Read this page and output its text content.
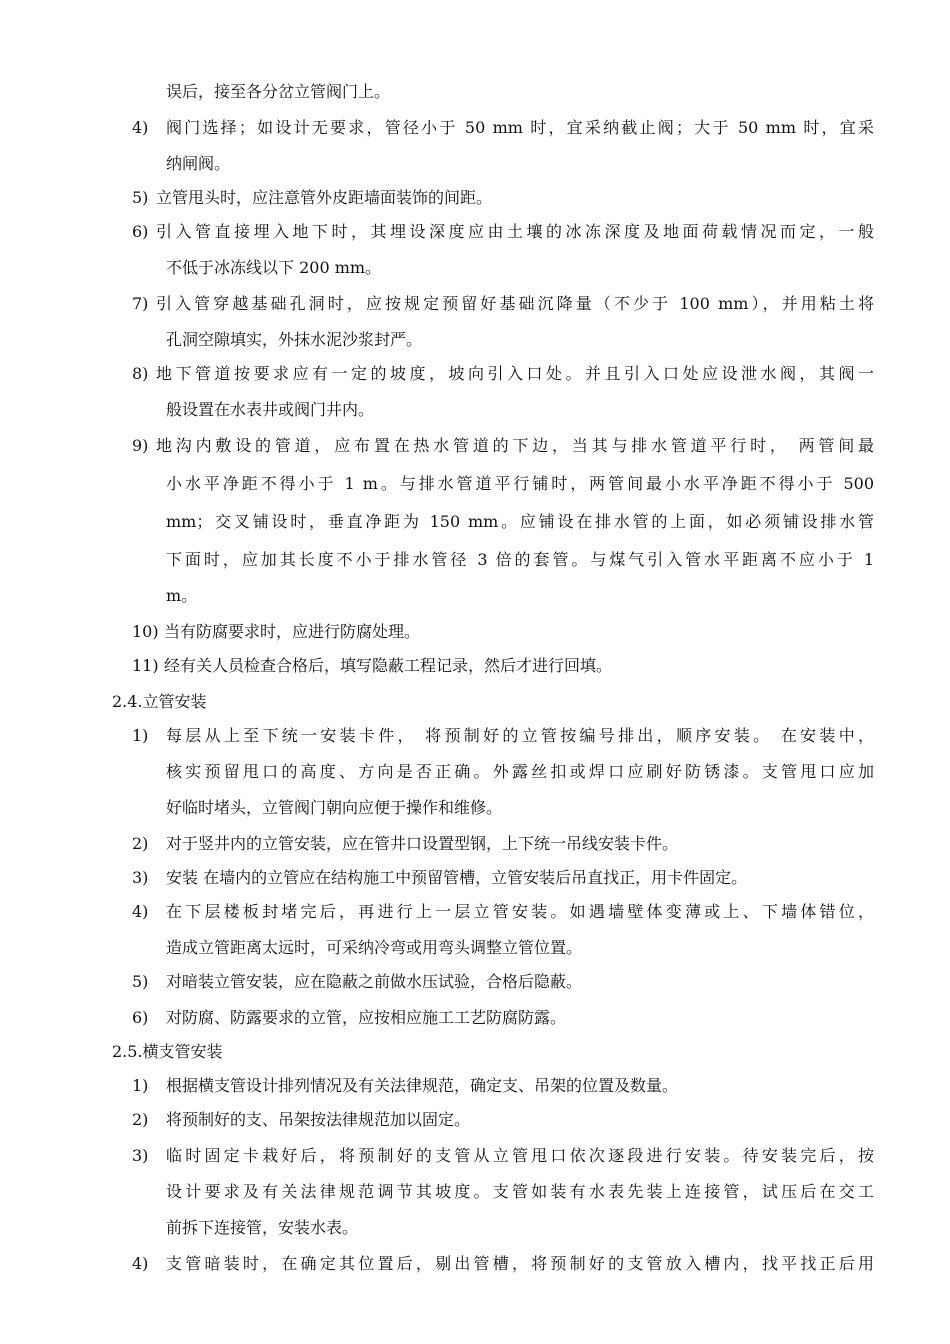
误后，接至各分岔立管阀门上。
4) 阀门选择；如设计无要求，管径小于 50 mm 时，宜采纳截止阀；大于 50 mm 时，宜采
纳闸阀。
5) 立管甩头时，应注意管外皮距墙面装饰的间距。
6) 引入管直接埋入地下时，其埋设深度应由土壤的冰冻深度及地面荷载情况而定，一般
不低于冰冻线以下 200 mm。
7) 引入管穿越基础孔洞时，应按规定预留好基础沉降量（不少于 100 mm），并用粘土将
孔洞空隙填实，外抹水泥沙浆封严。
8) 地下管道按要求应有一定的坡度，坡向引入口处。并且引入口处应设泄水阀，其阀一
般设置在水表井或阀门井内。
9) 地沟内敷设的管道，应布置在热水管道的下边，当其与排水管道平行时， 两管间最
小水平净距不得小于 1 m。与排水管道平行铺时，两管间最小水平净距不得小于 500
mm；交叉铺设时，垂直净距为 150 mm。应铺设在排水管的上面，如必须铺设排水管
下面时，应加其长度不小于排水管径 3 倍的套管。与煤气引入管水平距离不应小于 1
m。
10) 当有防腐要求时，应进行防腐处理。
11) 经有关人员检查合格后，填写隐蔽工程记录，然后才进行回填。
2.4.立管安装
1) 每层从上至下统一安装卡件， 将预制好的立管按编号排出，顺序安装。 在安装中，
核实预留甩口的高度、方向是否正确。外露丝扣或焊口应刷好防锈漆。支管甩口应加
好临时堵头，立管阀门朝向应便于操作和维修。
2) 对于竖井内的立管安装，应在管井口设置型钢，上下统一吊线安装卡件。
3) 安装 在墙内的立管应在结构施工中预留管槽，立管安装后吊直找正，用卡件固定。
4) 在下层楼板封堵完后，再进行上一层立管安装。如遇墙壁体变薄或上、下墙体错位，
造成立管距离太远时，可采纳冷弯或用弯头调整立管位置。
5) 对暗装立管安装，应在隐蔽之前做水压试验，合格后隐蔽。
6) 对防腐、防露要求的立管，应按相应施工工艺防腐防露。
2.5.横支管安装
1) 根据横支管设计排列情况及有关法律规范，确定支、吊架的位置及数量。
2) 将预制好的支、吊架按法律规范加以固定。
3) 临时固定卡栽好后，将预制好的支管从立管甩口依次逐段进行安装。待安装完后，按
设计要求及有关法律规范调节其坡度。支管如装有水表先装上连接管，试压后在交工
前拆下连接管，安装水表。
4) 支管暗装时，在确定其位置后，剔出管槽，将预制好的支管放入槽内，找平找正后用
